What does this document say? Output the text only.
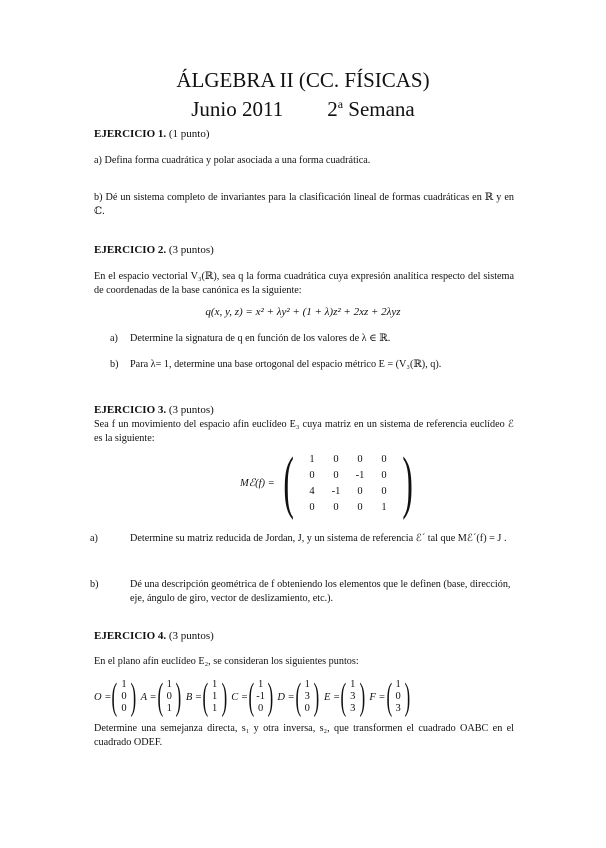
ÁLGEBRA II (CC. FÍSICAS)
Junio 2011 2$^a$ Semana
EJERCICIO 1. (1 punto)
a) Defina forma cuadrática y polar asociada a una forma cuadrática.
b) Dé un sistema completo de invariantes para la clasificación lineal de formas cuadráticas en ℝ y en ℂ.
EJERCICIO 2. (3 puntos)
En el espacio vectorial V₃(ℝ), sea q la forma cuadrática cuya expresión analítica respecto del sistema de coordenadas de la base canónica es la siguiente:
q(x, y, z) = x² + λy² + (1 + λ)z² + 2xz + 2λyz
a) Determine la signatura de q en función de los valores de λ ∈ ℝ.
b) Para λ= 1, determine una base ortogonal del espacio métrico E = (V₃(ℝ), q).
EJERCICIO 3. (3 puntos)
Sea f un movimiento del espacio afín euclídeo E₃ cuya matriz en un sistema de referencia euclídeo ℰ es la siguiente:
Mℰ(f) = (	1	0	0	0
0	0	-1	0
4	-1	0	0
0	0	0	1 )
a)	Determine su matriz reducida de Jordan, J, y un sistema de referencia ℰ´ tal que Mℰ´(f) = J .
b)	Dé una descripción geométrica de f obteniendo los elementos que le definen (base, dirección, eje, ángulo de giro, vector de deslizamiento, etc.).
EJERCICIO 4. (3 puntos)
En el plano afín euclídeo E₂, se consideran los siguientes puntos:
O = ( 1
0
0 ) A = ( 1
0
1 ) B = ( 1
1
1 ) C = ( 1
-1
0 ) D = ( 1
3
0 ) E = ( 1
3
3 ) F = ( 1
0
3 )
Determine una semejanza directa, s₁ y otra inversa, s₂, que transformen el cuadrado OABC en el cuadrado ODEF.
